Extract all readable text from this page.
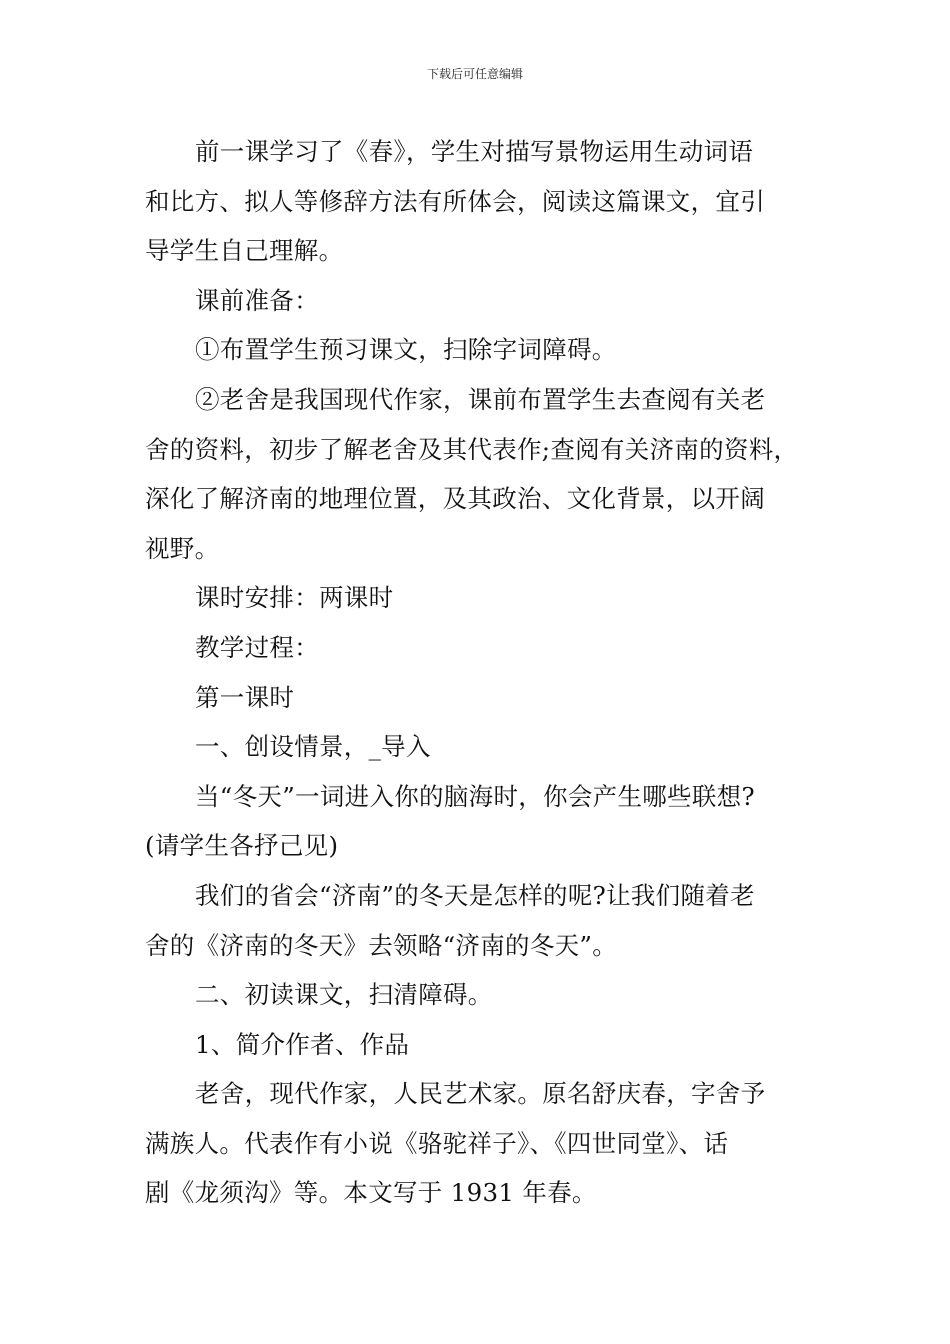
下载后可任意编辑

前一课学习了《春》，学生对描写景物运用生动词语

和比方、拟人等修辞方法有所体会，阅读这篇课文，宜引

导学生自己理解。

课前准备：

①布置学生预习课文，扫除字词障碍。

②老舍是我国现代作家，课前布置学生去查阅有关老

舍的资料，初步了解老舍及其代表作;查阅有关济南的资料，

深化了解济南的地理位置，及其政治、文化背景，以开阔

视野。

课时安排：两课时

教学过程：

第一课时

一、创设情景，_导入

当“冬天”一词进入你的脑海时，你会产生哪些联想?

(请学生各抒己见)

我们的省会“济南”的冬天是怎样的呢?让我们随着老

舍的《济南的冬天》去领略“济南的冬天”。

二、初读课文，扫清障碍。

1、简介作者、作品

老舍，现代作家，人民艺术家。原名舒庆春，字舍予

满族人。代表作有小说《骆驼祥子》、《四世同堂》、话

剧《龙须沟》等。本文写于 1931 年春。
